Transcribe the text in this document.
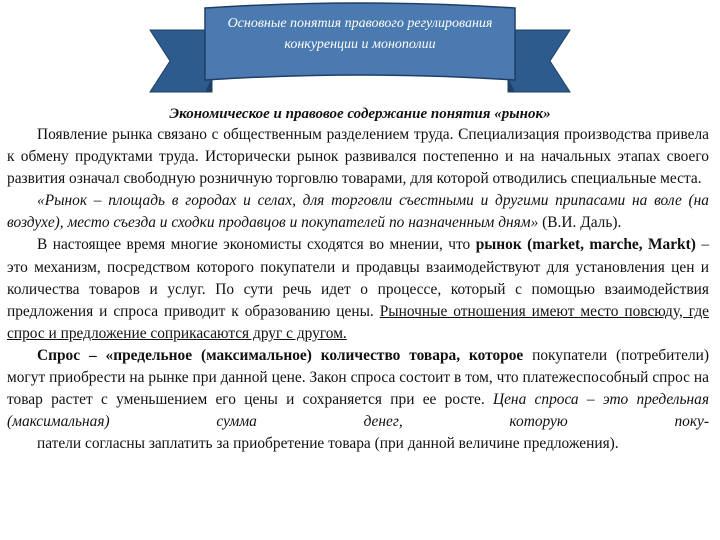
Основные понятия правового регулирования конкуренции и монополии
Экономическое и правовое содержание понятия «рынок»

Появление рынка связано с общественным разделением труда. Специализация производства привела к обмену продуктами труда. Исторически рынок развивался постепенно и на начальных этапах своего развития означал свободную розничную торговлю товарами, для которой отводились специальные места.

«Рынок – площадь в городах и селах, для торговли съестными и другими припасами на воле (на воздухе), место съезда и сходки продавцов и покупателей по назначенным дням» (В.И. Даль).

В настоящее время многие экономисты сходятся во мнении, что рынок (market, marche, Markt) – это механизм, посредством которого покупатели и продавцы взаимодействуют для установления цен и количества товаров и услуг. По сути речь идет о процессе, который с помощью взаимодействия предложения и спроса приводит к образованию цены. Рыночные отношения имеют место повсюду, где спрос и предложение соприкасаются друг с другом.

Спрос – «предельное (максимальное) количество товара, которое покупатели (потребители) могут приобрести на рынке при данной цене. Закон спроса состоит в том, что платежеспособный спрос на товар растет с уменьшением его цены и сохраняется при ее росте. Цена спроса – это предельная (максимальная) сумма денег, которую поку-

патели согласны заплатить за приобретение товара (при данной величине предложения).
